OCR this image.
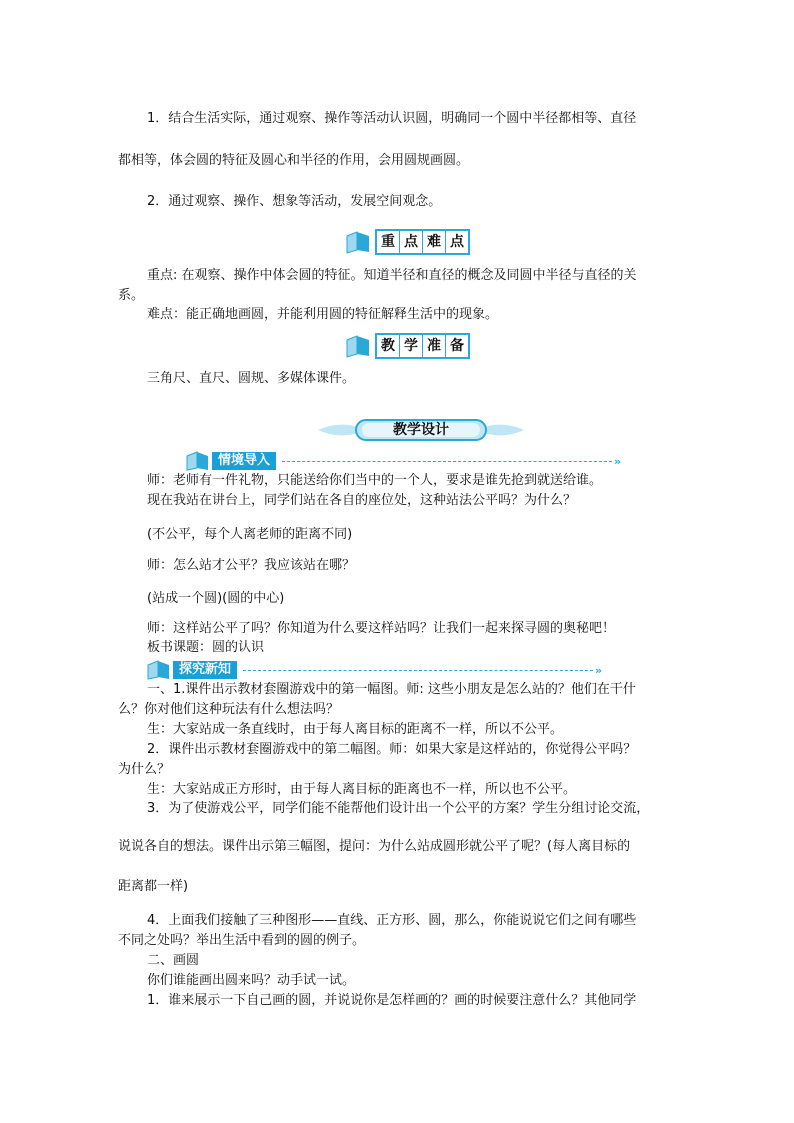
1．结合生活实际，通过观察、操作等活动认识圆，明确同一个圆中半径都相等、直径
都相等，体会圆的特征及圆心和半径的作用，会用圆规画圆。
2．通过观察、操作、想象等活动，发展空间观念。
重 点 难 点
重点: 在观察、操作中体会圆的特征。知道半径和直径的概念及同圆中半径与直径的关
系。
难点：能正确地画圆，并能利用圆的特征解释生活中的现象。
教 学 准 备
三角尺、直尺、圆规、多媒体课件。
教学设计
情境导入	»
师：老师有一件礼物，只能送给你们当中的一个人，要求是谁先抢到就送给谁。
现在我站在讲台上，同学们站在各自的座位处，这种站法公平吗？为什么？
(不公平，每个人离老师的距离不同)
师：怎么站才公平？我应该站在哪？
(站成一个圆)(圆的中心)
师：这样站公平了吗？你知道为什么要这样站吗？让我们一起来探寻圆的奥秘吧！
板书课题：圆的认识
探究新知	»
一、1.课件出示教材套圈游戏中的第一幅图。师: 这些小朋友是怎么站的？他们在干什
么？你对他们这种玩法有什么想法吗？
生：大家站成一条直线时，由于每人离目标的距离不一样，所以不公平。
2．课件出示教材套圈游戏中的第二幅图。师：如果大家是这样站的，你觉得公平吗？
为什么？
生：大家站成正方形时，由于每人离目标的距离也不一样，所以也不公平。
3．为了使游戏公平，同学们能不能帮他们设计出一个公平的方案？学生分组讨论交流，
说说各自的想法。课件出示第三幅图，提问：为什么站成圆形就公平了呢？(每人离目标的
距离都一样)
4．上面我们接触了三种图形——直线、正方形、圆，那么，你能说说它们之间有哪些
不同之处吗？举出生活中看到的圆的例子。
二、画圆
你们谁能画出圆来吗？动手试一试。
1．谁来展示一下自己画的圆，并说说你是怎样画的？画的时候要注意什么？其他同学
